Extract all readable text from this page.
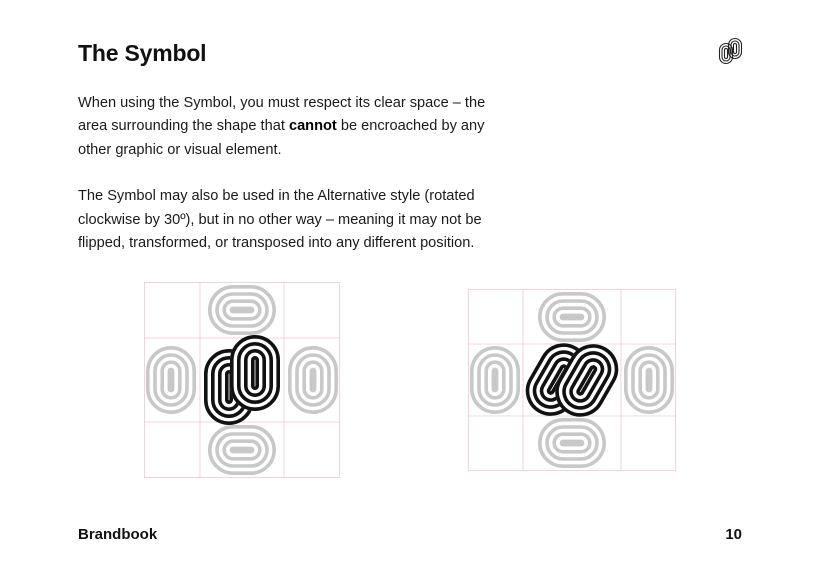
The Symbol

When using the Symbol, you must respect its clear space – the area surrounding the shape that cannot be encroached by any other graphic or visual element.

The Symbol may also be used in the Alternative style (rotated clockwise by 30º), but in no other way – meaning it may not be flipped, transformed, or transposed into any different position.

Brandbook	10
